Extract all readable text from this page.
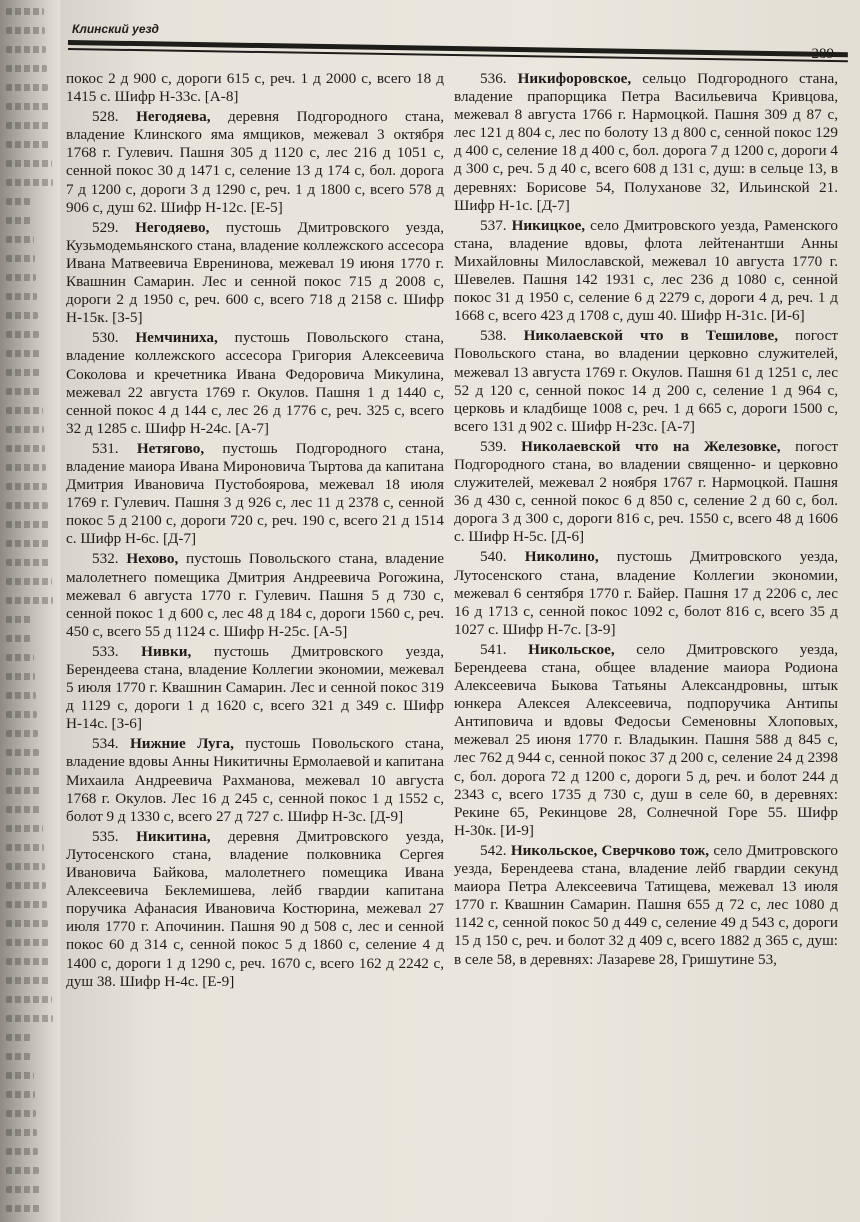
Клинский уезд
289

покос 2 д 900 с, дороги 615 с, реч. 1 д 2000 с, всего 18 д 1415 с. Шифр Н-33с. [А-8]

528. Негодяева, деревня Подгородного стана, владение Клинского яма ямщиков, межевал 3 октября 1768 г. Гулевич. Пашня 305 д 1120 с, лес 216 д 1051 с, сенной покос 30 д 1471 с, селение 13 д 174 с, бол. дорога 7 д 1200 с, дороги 3 д 1290 с, реч. 1 д 1800 с, всего 578 д 906 с, душ 62. Шифр Н-12с. [Е-5]

529. Негодяево, пустошь Дмитровского уезда, Кузьмодемьянского стана, владение коллежского ассесора Ивана Матвеевича Евренинова, межевал 19 июня 1770 г. Квашнин Самарин. Лес и сенной покос 715 д 2008 с, дороги 2 д 1950 с, реч. 600 с, всего 718 д 2158 с. Шифр Н-15к. [З-5]

530. Немчиниха, пустошь Повольского стана, владение коллежского ассесора Григория Алексеевича Соколова и кречетника Ивана Федоровича Микулина, межевал 22 августа 1769 г. Окулов. Пашня 1 д 1440 с, сенной покос 4 д 144 с, лес 26 д 1776 с, реч. 325 с, всего 32 д 1285 с. Шифр Н-24с. [А-7]

531. Нетягово, пустошь Подгородного стана, владение маиора Ивана Мироновича Тыртова да капитана Дмитрия Ивановича Пустобоярова, межевал 18 июля 1769 г. Гулевич. Пашня 3 д 926 с, лес 11 д 2378 с, сенной покос 5 д 2100 с, дороги 720 с, реч. 190 с, всего 21 д 1514 с. Шифр Н-6с. [Д-7]

532. Нехово, пустошь Повольского стана, владение малолетнего помещика Дмитрия Андреевича Рогожина, межевал 6 августа 1770 г. Гулевич. Пашня 5 д 730 с, сенной покос 1 д 600 с, лес 48 д 184 с, дороги 1560 с, реч. 450 с, всего 55 д 1124 с. Шифр Н-25с. [А-5]

533. Нивки, пустошь Дмитровского уезда, Берендеева стана, владение Коллегии экономии, межевал 5 июля 1770 г. Квашнин Самарин. Лес и сенной покос 319 д 1129 с, дороги 1 д 1620 с, всего 321 д 349 с. Шифр Н-14с. [З-6]

534. Нижние Луга, пустошь Повольского стана, владение вдовы Анны Никитичны Ермолаевой и капитана Михаила Андреевича Рахманова, межевал 10 августа 1768 г. Окулов. Лес 16 д 245 с, сенной покос 1 д 1552 с, болот 9 д 1330 с, всего 27 д 727 с. Шифр Н-3с. [Д-9]

535. Никитина, деревня Дмитровского уезда, Лутосенского стана, владение полковника Сергея Ивановича Байкова, малолетнего помещика Ивана Алексеевича Беклемишева, лейб гвардии капитана поручика Афанасия Ивановича Костюрина, межевал 27 июля 1770 г. Апочинин. Пашня 90 д 508 с, лес и сенной покос 60 д 314 с, сенной покос 5 д 1860 с, селение 4 д 1400 с, дороги 1 д 1290 с, реч. 1670 с, всего 162 д 2242 с, душ 38. Шифр Н-4с. [Е-9]

536. Никифоровское, сельцо Подгородного стана, владение прапорщика Петра Васильевича Кривцова, межевал 8 августа 1766 г. Нармоцкой. Пашня 309 д 87 с, лес 121 д 804 с, лес по болоту 13 д 800 с, сенной покос 129 д 400 с, селение 18 д 400 с, бол. дорога 7 д 1200 с, дороги 4 д 300 с, реч. 5 д 40 с, всего 608 д 131 с, душ: в сельце 13, в деревнях: Борисове 54, Полуханове 32, Ильинской 21. Шифр Н-1с. [Д-7]

537. Никицкое, село Дмитровского уезда, Раменского стана, владение вдовы, флота лейтенантши Анны Михайловны Милославской, межевал 10 августа 1770 г. Шевелев. Пашня 142 1931 с, лес 236 д 1080 с, сенной покос 31 д 1950 с, селение 6 д 2279 с, дороги 4 д, реч. 1 д 1668 с, всего 423 д 1708 с, душ 40. Шифр Н-31с. [И-6]

538. Николаевской что в Тешилове, погост Повольского стана, во владении церковно служителей, межевал 13 августа 1769 г. Окулов. Пашня 61 д 1251 с, лес 52 д 120 с, сенной покос 14 д 200 с, селение 1 д 964 с, церковь и кладбище 1008 с, реч. 1 д 665 с, дороги 1500 с, всего 131 д 902 с. Шифр Н-23с. [А-7]

539. Николаевской что на Железовке, погост Подгородного стана, во владении священно- и церковно служителей, межевал 2 ноября 1767 г. Нармоцкой. Пашня 36 д 430 с, сенной покос 6 д 850 с, селение 2 д 60 с, бол. дорога 3 д 300 с, дороги 816 с, реч. 1550 с, всего 48 д 1606 с. Шифр Н-5с. [Д-6]

540. Николино, пустошь Дмитровского уезда, Лутосенского стана, владение Коллегии экономии, межевал 6 сентября 1770 г. Байер. Пашня 17 д 2206 с, лес 16 д 1713 с, сенной покос 1092 с, болот 816 с, всего 35 д 1027 с. Шифр Н-7с. [З-9]

541. Никольское, село Дмитровского уезда, Берендеева стана, общее владение маиора Родиона Алексеевича Быкова Татьяны Александровны, штык юнкера Алексея Алексеевича, подпоручика Антипы Антиповича и вдовы Федосьи Семеновны Хлоповых, межевал 25 июня 1770 г. Владыкин. Пашня 588 д 845 с, лес 762 д 944 с, сенной покос 37 д 200 с, селение 24 д 2398 с, бол. дорога 72 д 1200 с, дороги 5 д, реч. и болот 244 д 2343 с, всего 1735 д 730 с, душ в селе 60, в деревнях: Рекине 65, Рекинцове 28, Солнечной Горе 55. Шифр Н-30к. [И-9]

542. Никольское, Сверчково тож, село Дмитровского уезда, Берендеева стана, владение лейб гвардии секунд маиора Петра Алексеевича Татищева, межевал 13 июля 1770 г. Квашнин Самарин. Пашня 655 д 72 с, лес 1080 д 1142 с, сенной покос 50 д 449 с, селение 49 д 543 с, дороги 15 д 150 с, реч. и болот 32 д 409 с, всего 1882 д 365 с, душ: в селе 58, в деревнях: Лазареве 28, Гришутине 53,
